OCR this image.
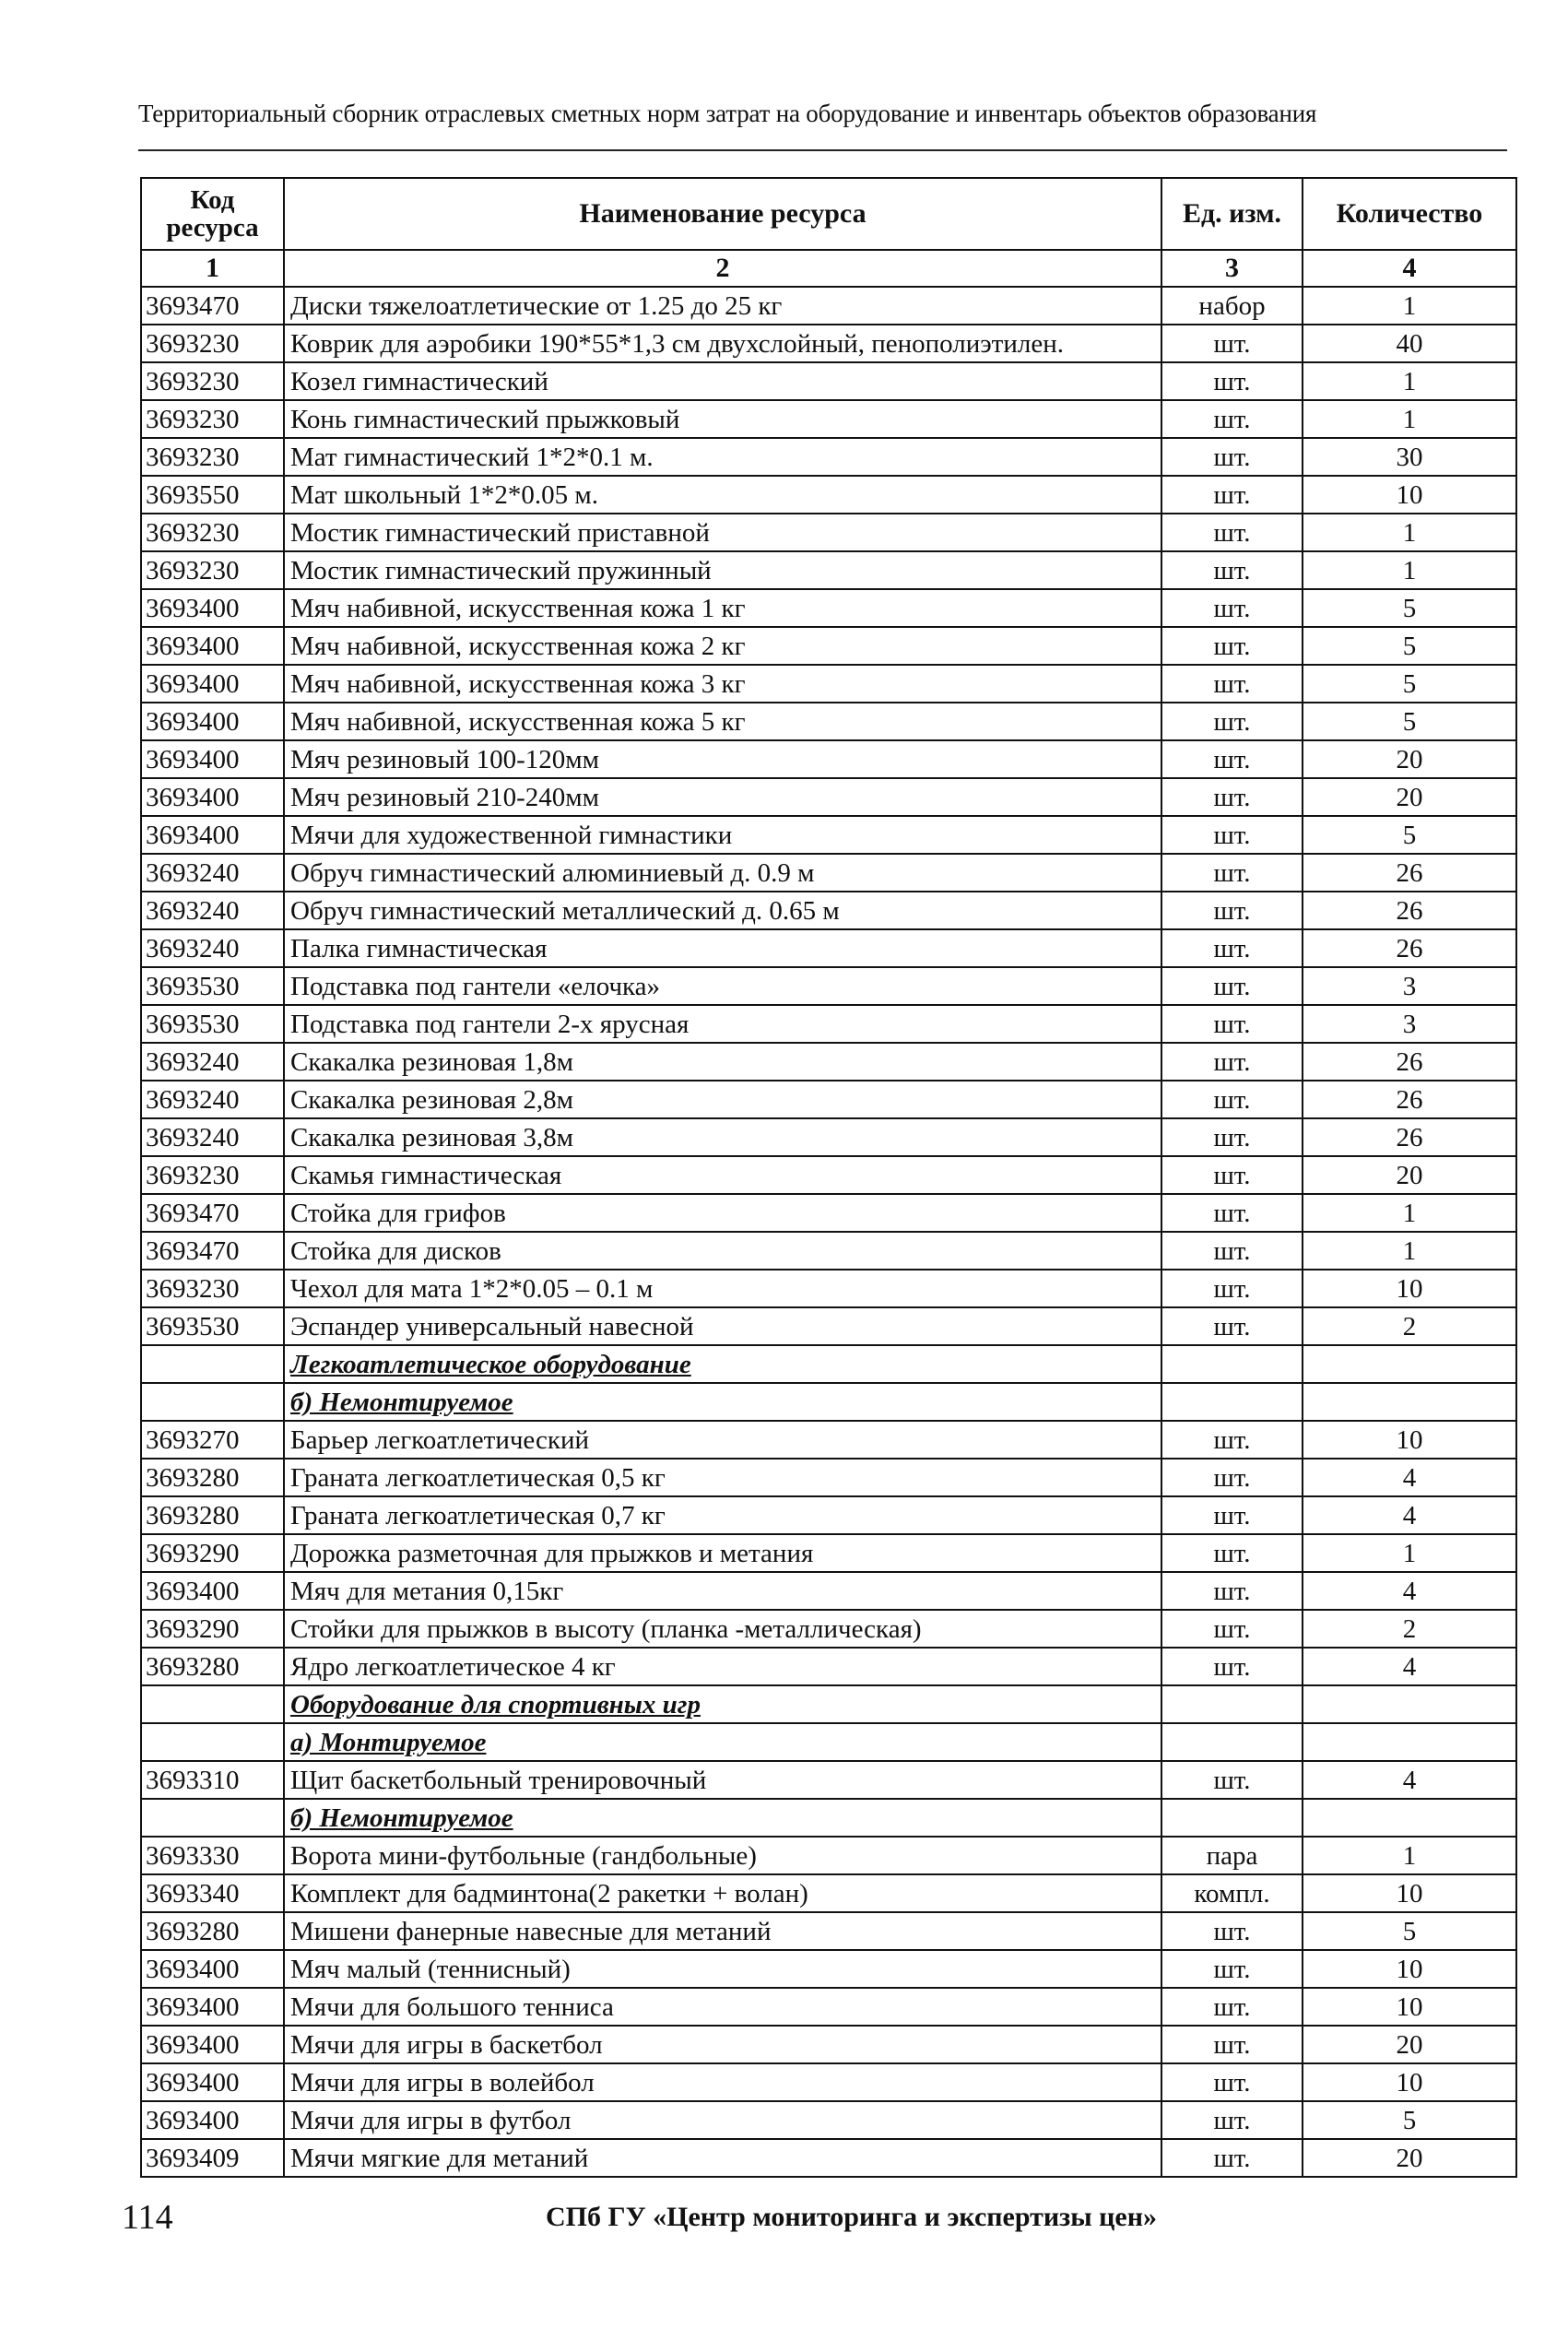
Территориальный сборник отраслевых сметных норм затрат на оборудование и инвентарь объектов образования
Код ресурса	Наименование ресурса	Ед. изм.	Количество
1	2	3	4
3693470	Диски тяжелоатлетические от 1.25 до 25 кг	набор	1
3693230	Коврик для аэробики 190*55*1,3 см двухслойный, пенополиэтилен.	шт.	40
3693230	Козел гимнастический	шт.	1
3693230	Конь гимнастический прыжковый	шт.	1
3693230	Мат гимнастический 1*2*0.1 м.	шт.	30
3693550	Мат школьный 1*2*0.05 м.	шт.	10
3693230	Мостик гимнастический приставной	шт.	1
3693230	Мостик гимнастический пружинный	шт.	1
3693400	Мяч набивной, искусственная кожа 1 кг	шт.	5
3693400	Мяч набивной, искусственная кожа 2 кг	шт.	5
3693400	Мяч набивной, искусственная кожа 3 кг	шт.	5
3693400	Мяч набивной, искусственная кожа 5 кг	шт.	5
3693400	Мяч резиновый 100-120мм	шт.	20
3693400	Мяч резиновый 210-240мм	шт.	20
3693400	Мячи для художественной гимнастики	шт.	5
3693240	Обруч гимнастический алюминиевый д. 0.9 м	шт.	26
3693240	Обруч гимнастический металлический д. 0.65 м	шт.	26
3693240	Палка гимнастическая	шт.	26
3693530	Подставка под гантели «елочка»	шт.	3
3693530	Подставка под гантели 2-х ярусная	шт.	3
3693240	Скакалка резиновая 1,8м	шт.	26
3693240	Скакалка резиновая 2,8м	шт.	26
3693240	Скакалка резиновая 3,8м	шт.	26
3693230	Скамья гимнастическая	шт.	20
3693470	Стойка для грифов	шт.	1
3693470	Стойка для дисков	шт.	1
3693230	Чехол для мата 1*2*0.05 – 0.1 м	шт.	10
3693530	Эспандер универсальный навесной	шт.	2
	Легкоатлетическое оборудование		
	б) Немонтируемое		
3693270	Барьер легкоатлетический	шт.	10
3693280	Граната легкоатлетическая 0,5 кг	шт.	4
3693280	Граната легкоатлетическая 0,7 кг	шт.	4
3693290	Дорожка разметочная для прыжков и метания	шт.	1
3693400	Мяч для метания 0,15кг	шт.	4
3693290	Стойки для прыжков в высоту (планка -металлическая)	шт.	2
3693280	Ядро легкоатлетическое 4 кг	шт.	4
	Оборудование для спортивных игр		
	а) Монтируемое		
3693310	Щит баскетбольный тренировочный	шт.	4
	б) Немонтируемое		
3693330	Ворота мини-футбольные (гандбольные)	пара	1
3693340	Комплект для бадминтона(2 ракетки + волан)	компл.	10
3693280	Мишени фанерные навесные для метаний	шт.	5
3693400	Мяч малый (теннисный)	шт.	10
3693400	Мячи для большого тенниса	шт.	10
3693400	Мячи для игры в баскетбол	шт.	20
3693400	Мячи для игры в волейбол	шт.	10
3693400	Мячи для игры в футбол	шт.	5
3693409	Мячи мягкие для метаний	шт.	20
114	СПб ГУ «Центр мониторинга и экспертизы цен»
